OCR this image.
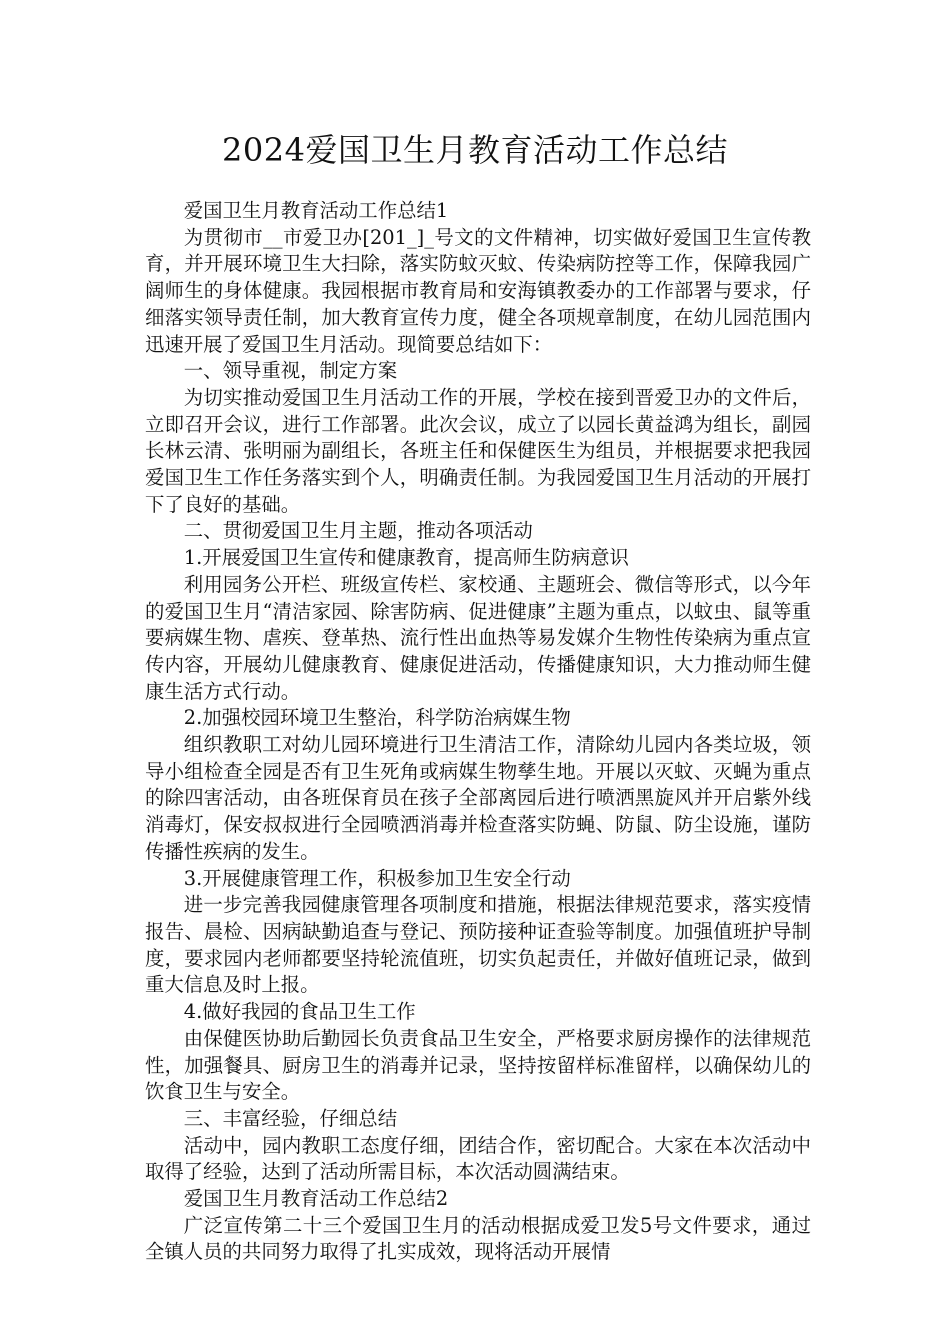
2024爱国卫生月教育活动工作总结

爱国卫生月教育活动工作总结1

为贯彻市__市爱卫办[201_]_号文的文件精神，切实做好爱国卫生宣传教育，并开展环境卫生大扫除，落实防蚊灭蚊、传染病防控等工作，保障我园广阔师生的身体健康。我园根据市教育局和安海镇教委办的工作部署与要求，仔细落实领导责任制，加大教育宣传力度，健全各项规章制度，在幼儿园范围内迅速开展了爱国卫生月活动。现简要总结如下：

一、领导重视，制定方案

为切实推动爱国卫生月活动工作的开展，学校在接到晋爱卫办的文件后，立即召开会议，进行工作部署。此次会议，成立了以园长黄益鸿为组长，副园长林云清、张明丽为副组长，各班主任和保健医生为组员，并根据要求把我园爱国卫生工作任务落实到个人，明确责任制。为我园爱国卫生月活动的开展打下了良好的基础。

二、贯彻爱国卫生月主题，推动各项活动

1.开展爱国卫生宣传和健康教育，提高师生防病意识

利用园务公开栏、班级宣传栏、家校通、主题班会、微信等形式，以今年的爱国卫生月“清洁家园、除害防病、促进健康”主题为重点，以蚊虫、鼠等重要病媒生物、虐疾、登革热、流行性出血热等易发媒介生物性传染病为重点宣传内容，开展幼儿健康教育、健康促进活动，传播健康知识，大力推动师生健康生活方式行动。

2.加强校园环境卫生整治，科学防治病媒生物

组织教职工对幼儿园环境进行卫生清洁工作，清除幼儿园内各类垃圾，领导小组检查全园是否有卫生死角或病媒生物孳生地。开展以灭蚊、灭蝇为重点的除四害活动，由各班保育员在孩子全部离园后进行喷洒黑旋风并开启紫外线消毒灯，保安叔叔进行全园喷洒消毒并检查落实防蝇、防鼠、防尘设施，谨防传播性疾病的发生。

3.开展健康管理工作，积极参加卫生安全行动

进一步完善我园健康管理各项制度和措施，根据法律规范要求，落实疫情报告、晨检、因病缺勤追查与登记、预防接种证查验等制度。加强值班护导制度，要求园内老师都要坚持轮流值班，切实负起责任，并做好值班记录，做到重大信息及时上报。

4.做好我园的食品卫生工作

由保健医协助后勤园长负责食品卫生安全，严格要求厨房操作的法律规范性，加强餐具、厨房卫生的消毒并记录，坚持按留样标准留样，以确保幼儿的饮食卫生与安全。

三、丰富经验，仔细总结

活动中，园内教职工态度仔细，团结合作，密切配合。大家在本次活动中取得了经验，达到了活动所需目标，本次活动圆满结束。

爱国卫生月教育活动工作总结2

广泛宣传第二十三个爱国卫生月的活动根据成爱卫发5号文件要求，通过全镇人员的共同努力取得了扎实成效，现将活动开展情
